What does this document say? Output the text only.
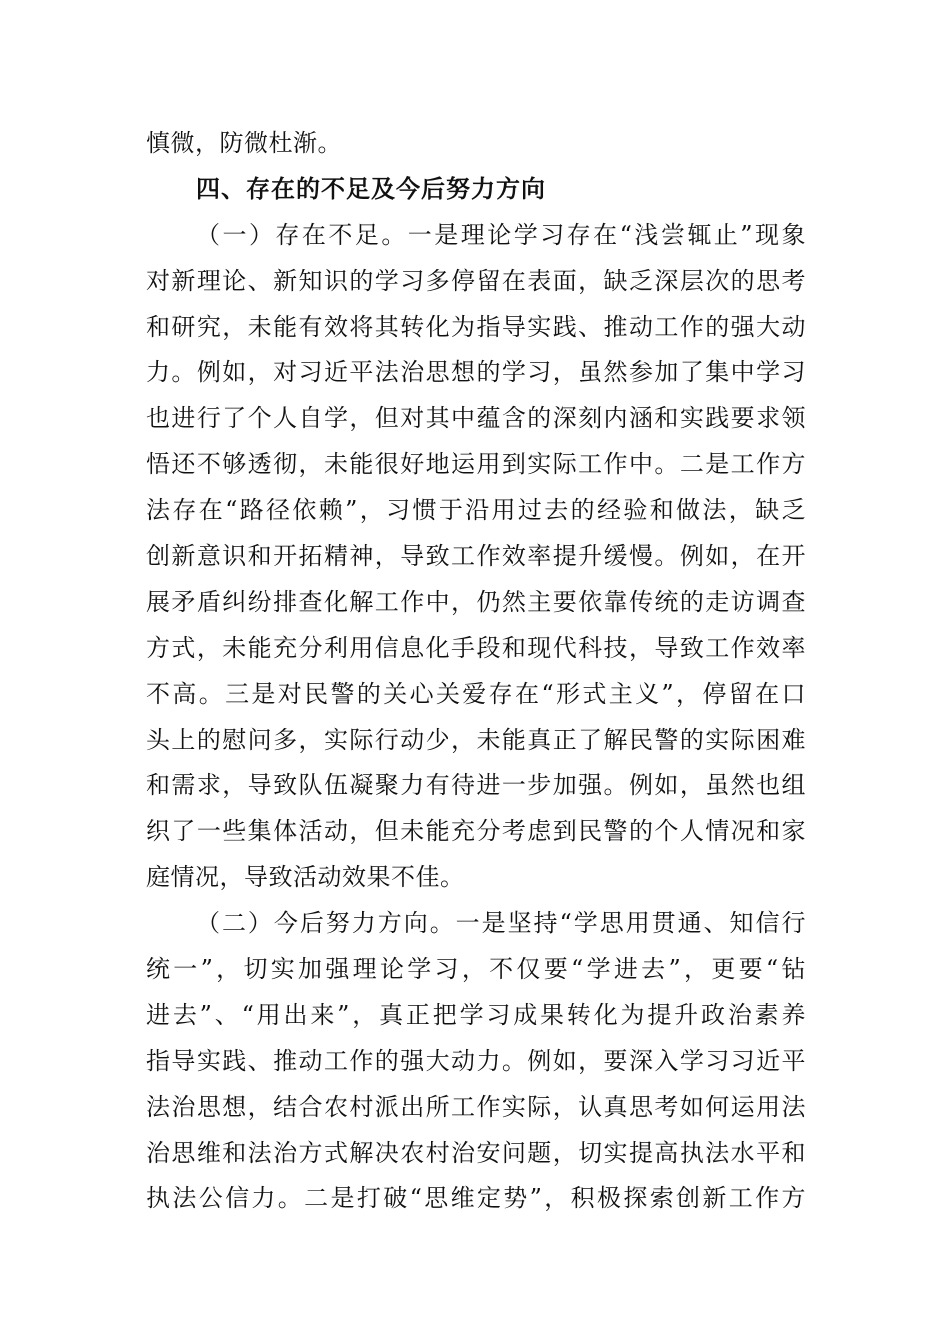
慎微，防微杜渐。
四、存在的不足及今后努力方向
（一）存在不足。一是理论学习存在“浅尝辄止”现象
对新理论、新知识的学习多停留在表面，缺乏深层次的思考
和研究，未能有效将其转化为指导实践、推动工作的强大动
力。例如，对习近平法治思想的学习，虽然参加了集中学习
也进行了个人自学，但对其中蕴含的深刻内涵和实践要求领
悟还不够透彻，未能很好地运用到实际工作中。二是工作方
法存在“路径依赖”，习惯于沿用过去的经验和做法，缺乏
创新意识和开拓精神，导致工作效率提升缓慢。例如，在开
展矛盾纠纷排查化解工作中，仍然主要依靠传统的走访调查
方式，未能充分利用信息化手段和现代科技，导致工作效率
不高。三是对民警的关心关爱存在“形式主义”，停留在口
头上的慰问多，实际行动少，未能真正了解民警的实际困难
和需求，导致队伍凝聚力有待进一步加强。例如，虽然也组
织了一些集体活动，但未能充分考虑到民警的个人情况和家
庭情况，导致活动效果不佳。
（二）今后努力方向。一是坚持“学思用贯通、知信行
统一”，切实加强理论学习，不仅要“学进去”，更要“钻
进去”、“用出来”，真正把学习成果转化为提升政治素养
指导实践、推动工作的强大动力。例如，要深入学习习近平
法治思想，结合农村派出所工作实际，认真思考如何运用法
治思维和法治方式解决农村治安问题，切实提高执法水平和
执法公信力。二是打破“思维定势”，积极探索创新工作方
